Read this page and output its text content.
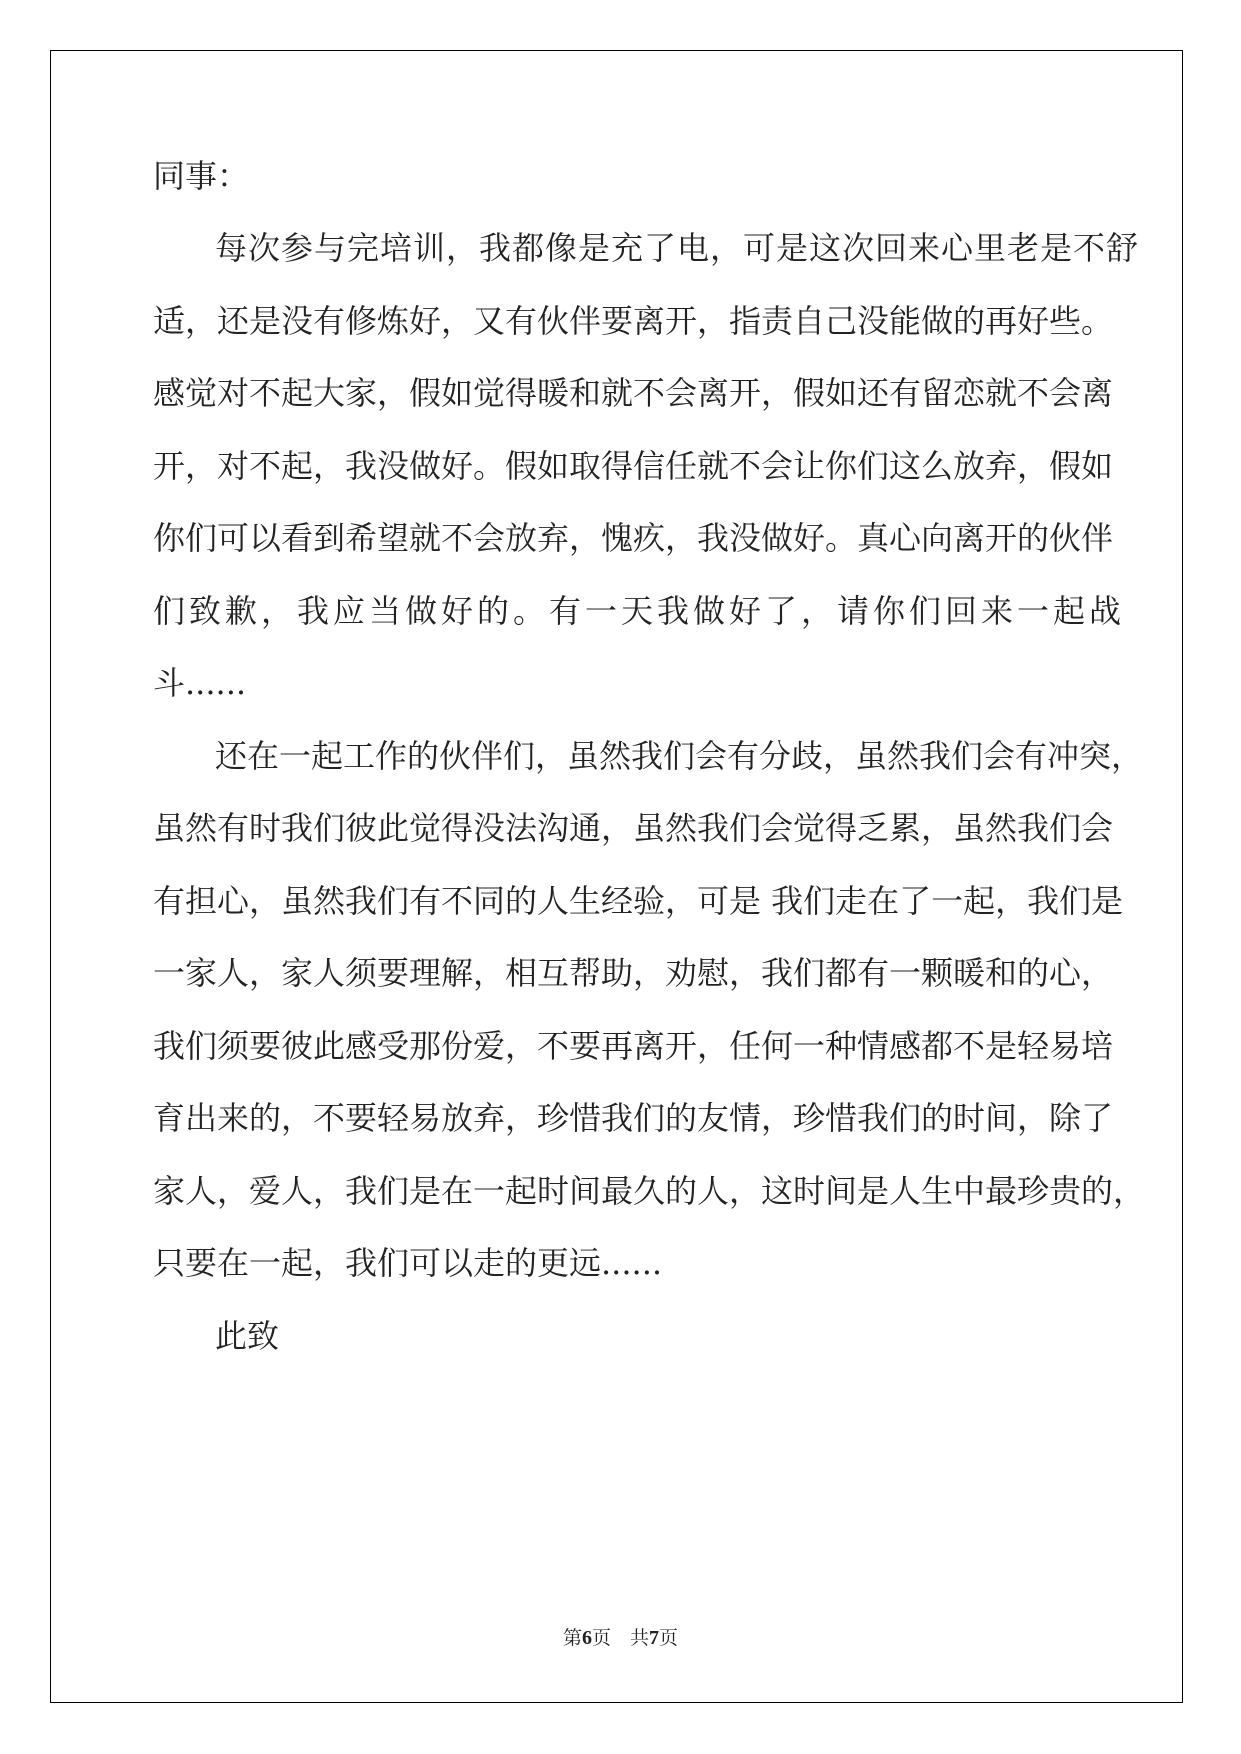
同事：
每次参与完培训，我都像是充了电，可是这次回来心里老是不舒
适，还是没有修炼好，又有伙伴要离开，指责自己没能做的再好些。
感觉对不起大家，假如觉得暖和就不会离开，假如还有留恋就不会离
开，对不起，我没做好。假如取得信任就不会让你们这么放弃，假如
你们可以看到希望就不会放弃，愧疚，我没做好。真心向离开的伙伴
们致歉，我应当做好的。有一天我做好了，请你们回来一起战
斗......
还在一起工作的伙伴们，虽然我们会有分歧，虽然我们会有冲突，
虽然有时我们彼此觉得没法沟通，虽然我们会觉得乏累，虽然我们会
有担心，虽然我们有不同的人生经验，可是 我们走在了一起，我们是
一家人，家人须要理解，相互帮助，劝慰，我们都有一颗暖和的心，
我们须要彼此感受那份爱，不要再离开，任何一种情感都不是轻易培
育出来的，不要轻易放弃，珍惜我们的友情，珍惜我们的时间，除了
家人，爱人，我们是在一起时间最久的人，这时间是人生中最珍贵的，
只要在一起，我们可以走的更远......
此致
第6页　共7页
